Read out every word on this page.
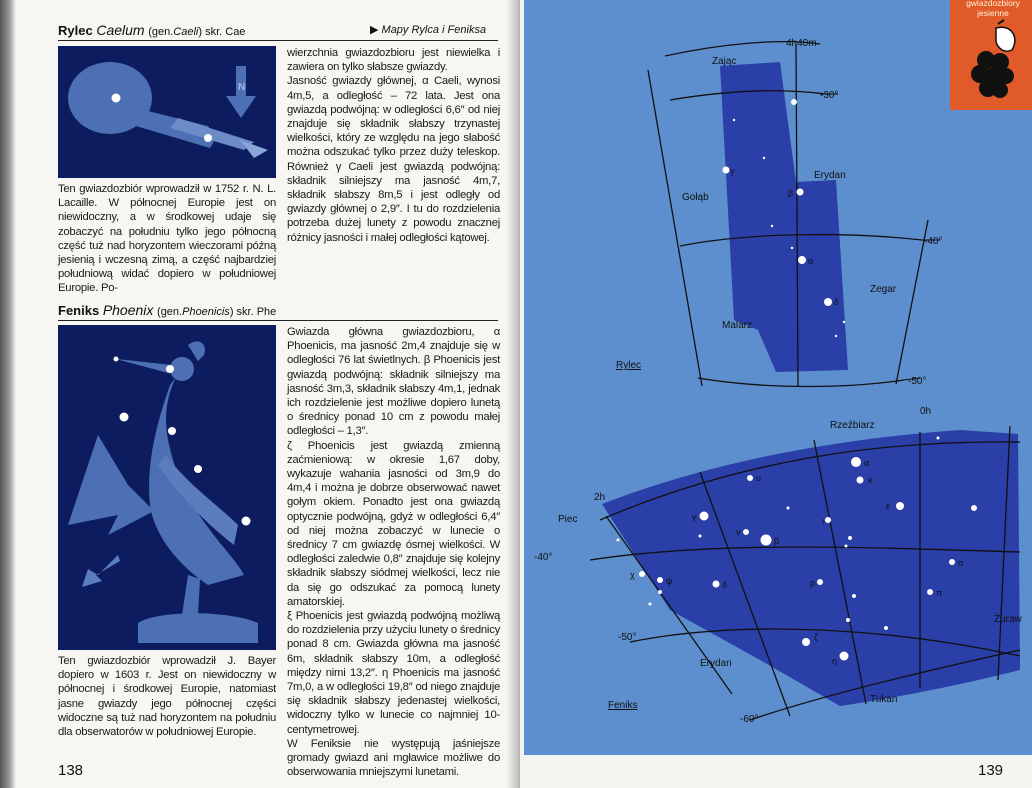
Rylec Caelum (gen.Caeli) skr. Cae	▶ Mapy Rylca i Feniksa
N

Ten gwiazdozbiór wprowadził w 1752 r. N. L. Lacaille. W północnej Europie jest on niewidoczny, a w środkowej udaje się zobaczyć na południu tylko jego północną część tuż nad horyzontem wieczorami późną jesienią i wczesną zimą, a część najbardziej południową widać dopiero w południowej Europie. Po-

wierzchnia gwiazdozbioru jest niewielka i zawiera on tylko słabsze gwiazdy.

Jasność gwiazdy głównej, α Caeli, wynosi 4m,5, a odległość – 72 lata. Jest ona gwiazdą podwójną: w odległości 6,6″ od niej znajduje się składnik słabszy trzynastej wielkości, który ze względu na jego słabość można odszukać tylko przez duży teleskop. Również γ Caeli jest gwiazdą podwójną: składnik silniejszy ma jasność 4m,7, składnik słabszy 8m,5 i jest odległy od gwiazdy głównej o 2,9″. I tu do rozdzielenia potrzeba dużej lunety z powodu znacznej różnicy jasności i małej odległości kątowej.

Feniks Phoenix (gen.Phoenicis) skr. Phe

Ten gwiazdozbiór wprowadził J. Bayer dopiero w 1603 r. Jest on niewidoczny w północnej i środkowej Europie, natomiast jasne gwiazdy jego północnej części widoczne są tuż nad horyzontem na południu dla obserwatorów w południowej Europie.

Gwiazda główna gwiazdozbioru, α Phoenicis, ma jasność 2m,4 znajduje się w odległości 76 lat świetlnych. β Phoenicis jest gwiazdą podwójną: składnik silniejszy ma jasność 3m,3, składnik słabszy 4m,1, jednak ich rozdzielenie jest możliwe dopiero lunetą o średnicy ponad 10 cm z powodu małej odległości – 1,3″.

ζ Phoenicis jest gwiazdą zmienną zaćmieniową: w okresie 1,67 doby, wykazuje wahania jasności od 3m,9 do 4m,4 i można je dobrze obserwować nawet gołym okiem. Ponadto jest ona gwiazdą optycznie podwójną, gdyż w odległości 6,4″ od niej można zobaczyć w lunecie o średnicy 7 cm gwiazdę ósmej wielkości. W odległości zaledwie 0,8″ znajduje się kolejny składnik słabszy siódmej wielkości, lecz nie da się go odszukać za pomocą lunety amatorskiej.

ξ Phoenicis jest gwiazdą podwójną możliwą do rozdzielenia przy użyciu lunety o średnicy ponad 8 cm. Gwiazda główna ma jasność 6m, składnik słabszy 10m, a odległość między nimi 13,2″. η Phoenicis ma jasność 7m,0, a w odległości 19,8″ od niego znajduje się składnik słabszy jedenastej wielkości, widoczny tylko w lunecie co najmniej 10-centymetrowej.

W Feniksie nie występują jaśniejsze gromady gwiazd ani mgławice możliwe do obserwowania mniejszymi lunetami.

138
gwiazdozbiory jesienne
4h40m
-30°
-40°
-50°
Zając
Erydan
Gołąb
Zegar
Malarz
Rylec
γ
β
α
δ
0h
2h
-40°
-50°
-60°
Rzeźbiarz
Piec
Erydan
Tukan
Żuraw
Feniks
α
κ
υ
ε
γ
ν
β
ι
σ
χ
ψ	δ	ρ
π
ζ
η
139
